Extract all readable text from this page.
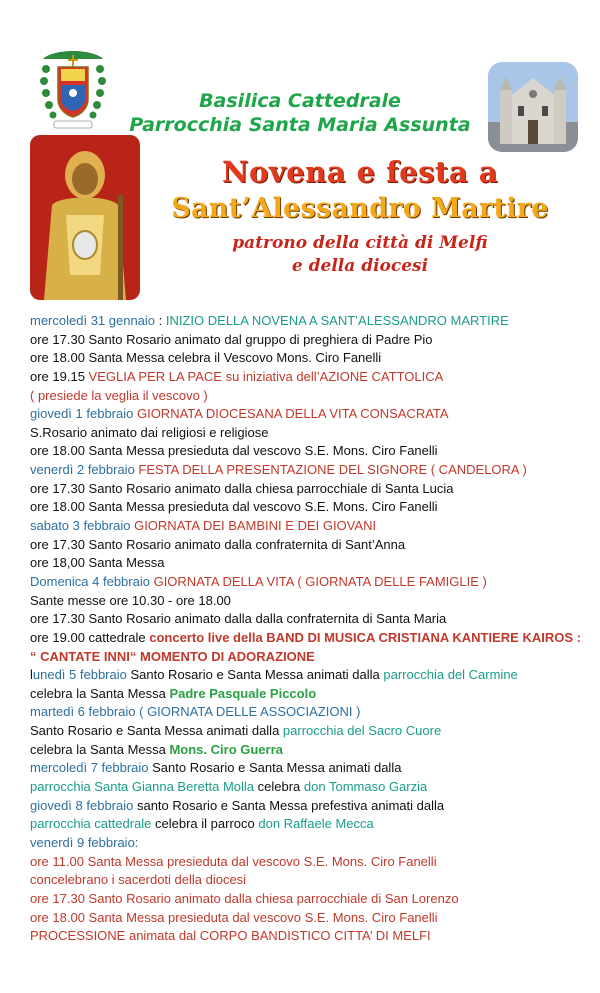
Basilica Cattedrale
Parrocchia Santa Maria Assunta
Novena e festa a
Sant’Alessandro Martire
patrono della città di Melfi
e della diocesi
mercoledì 31 gennaio : INIZIO DELLA NOVENA A SANT’ALESSANDRO MARTIRE
ore 17.30 Santo Rosario animato dal gruppo di preghiera di Padre Pio
ore 18.00 Santa Messa celebra il Vescovo Mons. Ciro Fanelli
ore 19.15 VEGLIA PER LA PACE su iniziativa dell’AZIONE CATTOLICA
( presiede la veglia il vescovo )
giovedì 1 febbraio GIORNATA DIOCESANA DELLA VITA CONSACRATA
S.Rosario animato dai religiosi e religiose
ore 18.00 Santa Messa presieduta dal vescovo S.E. Mons. Ciro Fanelli
venerdì 2 febbraio FESTA DELLA PRESENTAZIONE DEL SIGNORE ( CANDELORA )
ore 17.30 Santo Rosario animato dalla chiesa parrocchiale di Santa Lucia
ore 18.00 Santa Messa presieduta dal vescovo S.E. Mons. Ciro Fanelli
sabato 3 febbraio GIORNATA DEI BAMBINI E DEI GIOVANI
ore 17.30 Santo Rosario animato dalla confraternita di Sant’Anna
ore 18,00 Santa Messa
Domenica 4 febbraio GIORNATA DELLA VITA ( GIORNATA DELLE FAMIGLIE )
Sante messe ore 10.30 - ore 18.00
ore 17.30 Santo Rosario animato dalla dalla confraternita di Santa Maria
ore 19.00 cattedrale concerto live della BAND DI MUSICA CRISTIANA KANTIERE KAIROS :
“ CANTATE INNI“ MOMENTO DI ADORAZIONE
lunedì 5 febbraio Santo Rosario e Santa Messa animati dalla parrocchia del Carmine
celebra la Santa Messa Padre Pasquale Piccolo
martedì 6 febbraio ( GIORNATA DELLE ASSOCIAZIONI )
Santo Rosario e Santa Messa animati dalla parrocchia del Sacro Cuore
celebra la Santa Messa Mons. Ciro Guerra
mercoledì 7 febbraio Santo Rosario e Santa Messa animati dalla
parrocchia Santa Gianna Beretta Molla celebra don Tommaso Garzia
giovedì 8 febbraio santo Rosario e Santa Messa prefestiva animati dalla
parrocchia cattedrale celebra il parroco don Raffaele Mecca
venerdì 9 febbraio:
ore 11.00 Santa Messa presieduta dal vescovo S.E. Mons. Ciro Fanelli
concelebrano i sacerdoti della diocesi
ore 17.30 Santo Rosario animato dalla chiesa parrocchiale di San Lorenzo
ore 18.00 Santa Messa presieduta dal vescovo S.E. Mons. Ciro Fanelli
PROCESSIONE animata dal CORPO BANDISTICO CITTA’ DI MELFI
